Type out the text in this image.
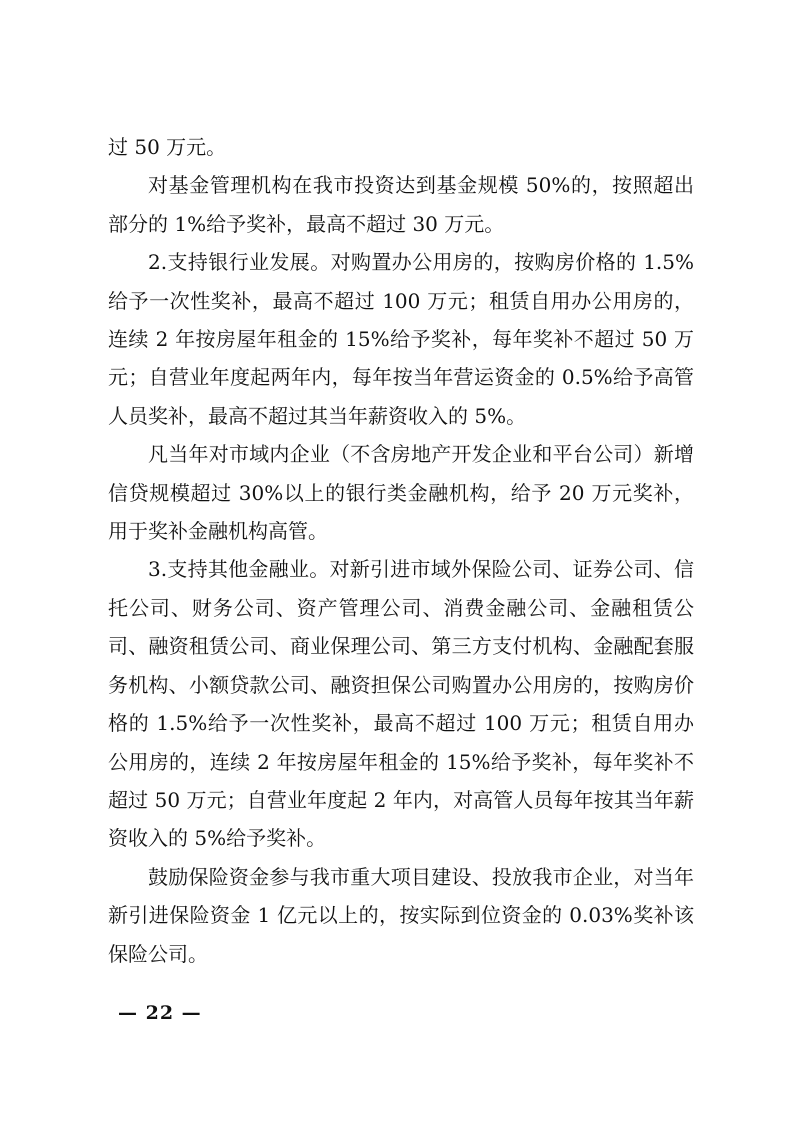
过 50 万元。

对基金管理机构在我市投资达到基金规模 50%的，按照超出部分的 1%给予奖补，最高不超过 30 万元。

2.支持银行业发展。对购置办公用房的，按购房价格的 1.5%给予一次性奖补，最高不超过 100 万元；租赁自用办公用房的，连续 2 年按房屋年租金的 15%给予奖补，每年奖补不超过 50 万元；自营业年度起两年内，每年按当年营运资金的 0.5%给予高管人员奖补，最高不超过其当年薪资收入的 5%。

凡当年对市域内企业（不含房地产开发企业和平台公司）新增信贷规模超过 30%以上的银行类金融机构，给予 20 万元奖补，用于奖补金融机构高管。

3.支持其他金融业。对新引进市域外保险公司、证券公司、信托公司、财务公司、资产管理公司、消费金融公司、金融租赁公司、融资租赁公司、商业保理公司、第三方支付机构、金融配套服务机构、小额贷款公司、融资担保公司购置办公用房的，按购房价格的 1.5%给予一次性奖补，最高不超过 100 万元；租赁自用办公用房的，连续 2 年按房屋年租金的 15%给予奖补，每年奖补不超过 50 万元；自营业年度起 2 年内，对高管人员每年按其当年薪资收入的 5%给予奖补。

鼓励保险资金参与我市重大项目建设、投放我市企业，对当年新引进保险资金 1 亿元以上的，按实际到位资金的 0.03%奖补该保险公司。

— 22 —
